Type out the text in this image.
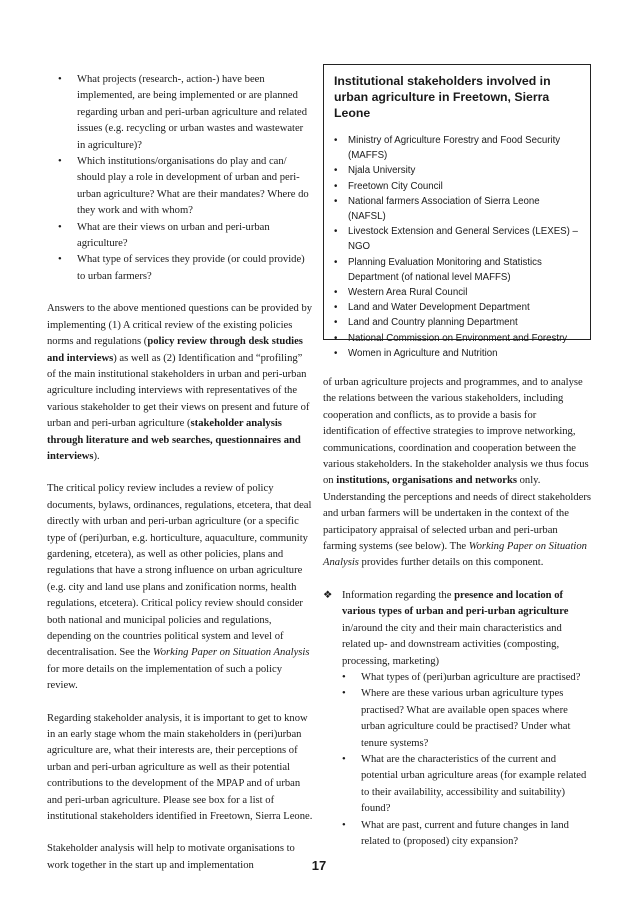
• What projects (research-, action-) have been implemented, are being implemented or are planned regarding urban and peri-urban agriculture and related issues (e.g. recycling or urban wastes and wastewater in agriculture)?
• Which institutions/organisations do play and can/ should play a role in development of urban and peri-urban agriculture? What are their mandates? Where do they work and with whom?
• What are their views on urban and peri-urban agriculture?
• What type of services they provide (or could provide) to urban farmers?

Answers to the above mentioned questions can be provided by implementing (1) A critical review of the existing policies norms and regulations (policy review through desk studies and interviews) as well as (2) Identification and “profiling” of the main institutional stakeholders in urban and peri-urban agriculture including interviews with representatives of the various stakeholder to get their views on present and future of urban and peri-urban agriculture (stakeholder analysis through literature and web searches, questionnaires and interviews).

The critical policy review includes a review of policy documents, bylaws, ordinances, regulations, etcetera, that deal directly with urban and peri-urban agriculture (or a specific type of (peri)urban, e.g. horticulture, aquaculture, community gardening, etcetera), as well as other policies, plans and regulations that have a strong influence on urban agriculture (e.g. city and land use plans and zonification norms, health regulations, etcetera). Critical policy review should consider both national and municipal policies and regulations, depending on the countries political system and level of decentralisation. See the Working Paper on Situation Analysis for more details on the implementation of such a policy review.

Regarding stakeholder analysis, it is important to get to know in an early stage whom the main stakeholders in (peri)urban agriculture are, what their interests are, their perceptions of urban and peri-urban agriculture as well as their potential contributions to the development of the MPAP and of urban and peri-urban agriculture. Please see box for a list of institutional stakeholders identified in Freetown, Sierra Leone.

Stakeholder analysis will help to motivate organisations to work together in the start up and implementation

Institutional stakeholders involved in urban agriculture in Freetown, Sierra Leone
• Ministry of Agriculture Forestry and Food Security (MAFFS)
• Njala University
• Freetown City Council
• National farmers Association of Sierra Leone (NAFSL)
• Livestock Extension and General Services (LEXES) – NGO
• Planning Evaluation Monitoring and Statistics Department (of national level MAFFS)
• Western Area Rural Council
• Land and Water Development Department
• Land and Country planning Department
• National Commission on Environment and Forestry
• Women in Agriculture and Nutrition

of urban agriculture projects and programmes, and to analyse the relations between the various stakeholders, including cooperation and conflicts, as to provide a basis for identification of effective strategies to improve networking, communications, coordination and cooperation between the various stakeholders. In the stakeholder analysis we thus focus on institutions, organisations and networks only. Understanding the perceptions and needs of direct stakeholders and urban farmers will be undertaken in the context of the participatory appraisal of selected urban and peri-urban farming systems (see below). The Working Paper on Situation Analysis provides further details on this component.

❖ Information regarding the presence and location of various types of urban and peri-urban agriculture in/around the city and their main characteristics and related up- and downstream activities (composting, processing, marketing)
• What types of (peri)urban agriculture are practised?
• Where are these various urban agriculture types practised? What are available open spaces where urban agriculture could be practised? Under what tenure systems?
• What are the characteristics of the current and potential urban agriculture areas (for example related to their availability, accessibility and suitability) found?
• What are past, current and future changes in land related to (proposed) city expansion?
17
